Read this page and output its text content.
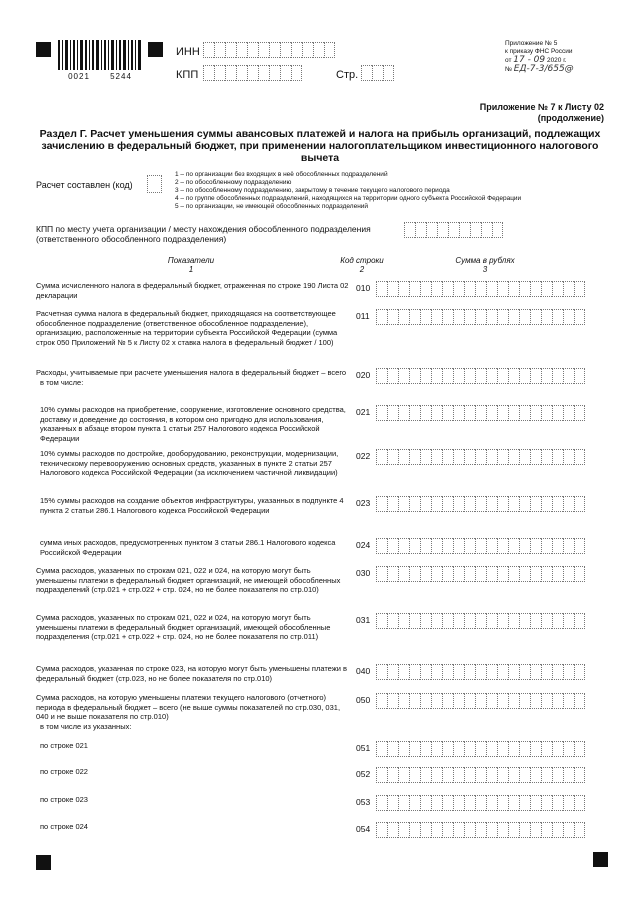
0021	5244
ИНН
КПП	Стр.
Приложение № 5
к приказу ФНС России
от 17 - 09 2020 г.
№ ЕД-7-3/655@
Приложение № 7 к Листу 02
(продолжение)
Раздел Г. Расчет уменьшения суммы авансовых платежей и налога на прибыль организаций, подлежащих зачислению в федеральный бюджет, при применении налогоплательщиком инвестиционного налогового вычета
Расчет составлен (код)
1 – по организации без входящих в неё обособленных подразделений
2 – по обособленному подразделению
3 – по обособленному подразделению, закрытому в течение текущего налогового периода
4 – по группе обособленных подразделений, находящихся на территории одного субъекта Российской Федерации
5 – по организации, не имеющей обособленных подразделений
КПП по месту учета организации / месту нахождения обособленного подразделения (ответственного обособленного подразделения)
Показатели
1
Код строки
2
Сумма в рублях
3
Сумма исчисленного налога в федеральный бюджет, отраженная по строке 190 Листа 02 декларации
010
Расчетная сумма налога в федеральный бюджет, приходящаяся на соответствующее обособленное подразделение (ответственное обособленное подразделение), организацию, расположенные на территории субъекта Российской Федерации (сумма строк 050 Приложений № 5 к Листу 02 х ставка налога в федеральный бюджет / 100)
011
Расходы, учитываемые при расчете уменьшения налога в федеральный бюджет – всего
в том числе:
020
10% суммы расходов на приобретение, сооружение, изготовление основного средства, доставку и доведение до состояния, в котором оно пригодно для использования, указанных в абзаце втором пункта 1 статьи 257 Налогового кодекса Российской Федерации
021
10% суммы расходов по достройке, дооборудованию, реконструкции, модернизации, техническому перевооружению основных средств, указанных в пункте 2 статьи 257 Налогового кодекса Российской Федерации (за исключением частичной ликвидации)
022
15% суммы расходов на создание объектов инфраструктуры, указанных в подпункте 4 пункта 2 статьи 286.1 Налогового кодекса Российской Федерации
023
сумма иных расходов, предусмотренных пунктом 3 статьи 286.1 Налогового кодекса Российской Федерации
024
Сумма расходов, указанных по строкам 021, 022 и 024, на которую могут быть уменьшены платежи в федеральный бюджет организаций, не имеющей обособленных подразделений (стр.021 + стр.022 + стр. 024, но не более показателя по стр.010)
030
Сумма расходов, указанных по строкам 021, 022 и 024, на которую могут быть уменьшены платежи в федеральный бюджет организаций, имеющей обособленные подразделения (стр.021 + стр.022 + стр. 024, но не более показателя по стр.011)
031
Сумма расходов, указанная по строке 023, на которую могут быть уменьшены платежи в федеральный бюджет (стр.023, но не более показателя по стр.010)
040
Сумма расходов, на которую уменьшены платежи текущего налогового (отчетного) периода в федеральный бюджет – всего (не выше суммы показателей по стр.030, 031, 040 и не выше показателя по стр.010)
в том числе из указанных:
050
по строке 021	051
по строке 022	052
по строке 023	053
по строке 024	054
